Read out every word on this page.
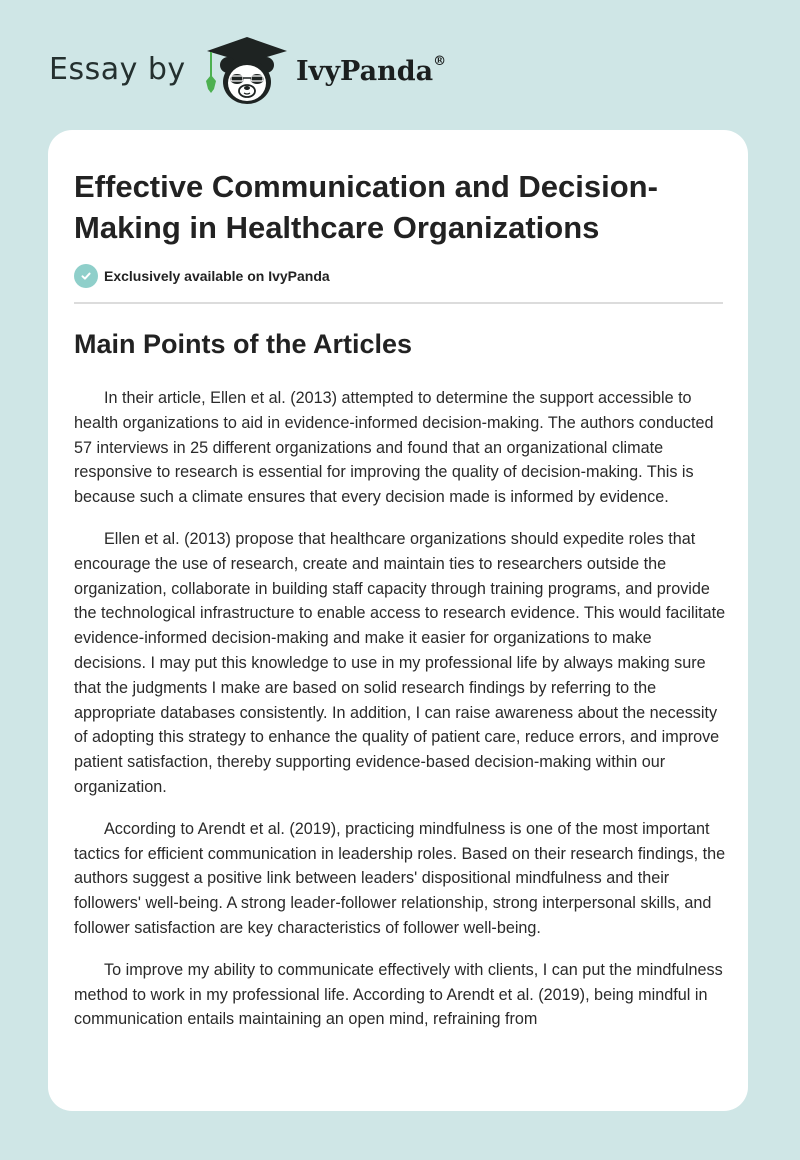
Essay by	IvyPanda®
Effective Communication and Decision-Making in Healthcare Organizations
Exclusively available on IvyPanda
Main Points of the Articles

In their article, Ellen et al. (2013) attempted to determine the support accessible to health organizations to aid in evidence-informed decision-making. The authors conducted 57 interviews in 25 different organizations and found that an organizational climate responsive to research is essential for improving the quality of decision-making. This is because such a climate ensures that every decision made is informed by evidence.

Ellen et al. (2013) propose that healthcare organizations should expedite roles that encourage the use of research, create and maintain ties to researchers outside the organization, collaborate in building staff capacity through training programs, and provide the technological infrastructure to enable access to research evidence. This would facilitate evidence-informed decision-making and make it easier for organizations to make decisions. I may put this knowledge to use in my professional life by always making sure that the judgments I make are based on solid research findings by referring to the appropriate databases consistently. In addition, I can raise awareness about the necessity of adopting this strategy to enhance the quality of patient care, reduce errors, and improve patient satisfaction, thereby supporting evidence-based decision-making within our organization.

According to Arendt et al. (2019), practicing mindfulness is one of the most important tactics for efficient communication in leadership roles. Based on their research findings, the authors suggest a positive link between leaders' dispositional mindfulness and their followers' well-being. A strong leader-follower relationship, strong interpersonal skills, and follower satisfaction are key characteristics of follower well-being.

To improve my ability to communicate effectively with clients, I can put the mindfulness method to work in my professional life. According to Arendt et al. (2019), being mindful in communication entails maintaining an open mind, refraining from
